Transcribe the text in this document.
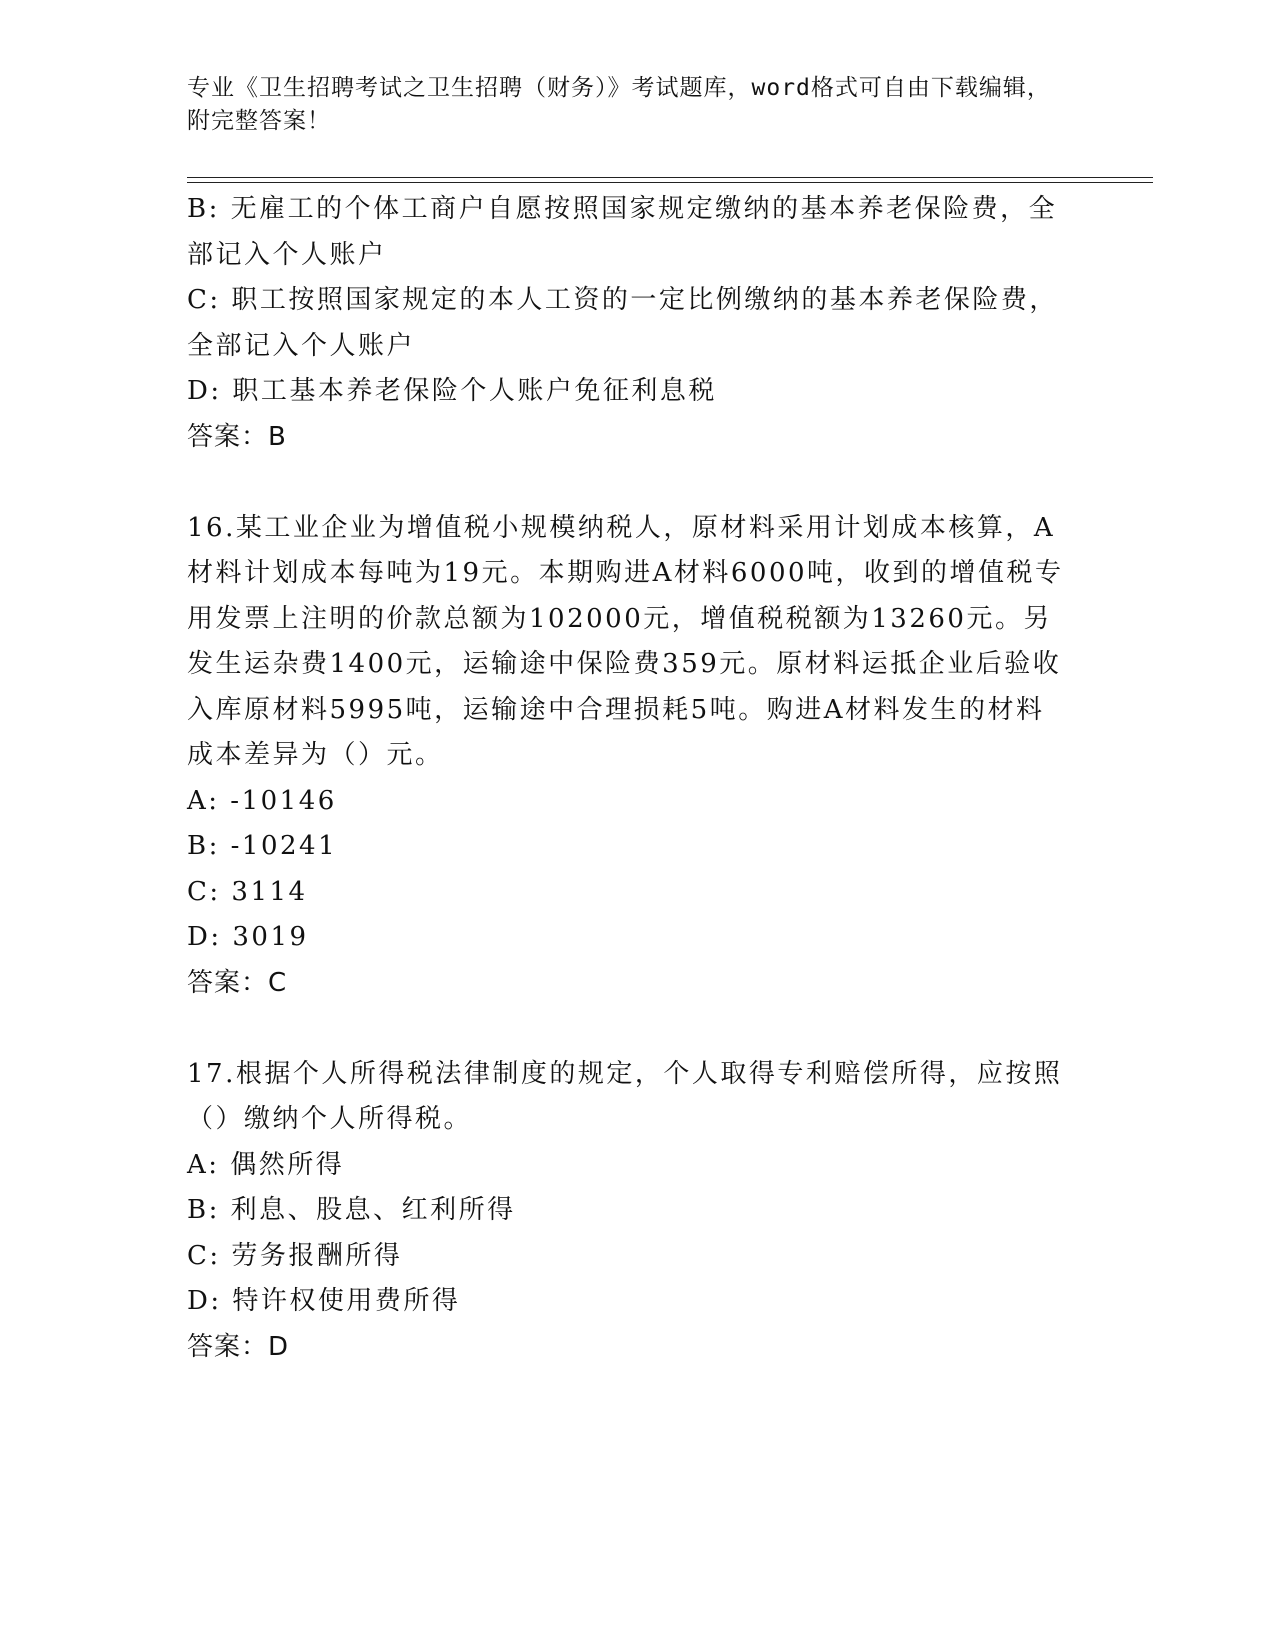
专业《卫生招聘考试之卫生招聘（财务）》考试题库，word格式可自由下载编辑，附完整答案！

B: 无雇工的个体工商户自愿按照国家规定缴纳的基本养老保险费，全部记入个人账户

C: 职工按照国家规定的本人工资的一定比例缴纳的基本养老保险费，全部记入个人账户

D: 职工基本养老保险个人账户免征利息税

答案：B

16.某工业企业为增值税小规模纳税人，原材料采用计划成本核算，A材料计划成本每吨为19元。本期购进A材料6000吨，收到的增值税专用发票上注明的价款总额为102000元，增值税税额为13260元。另发生运杂费1400元，运输途中保险费359元。原材料运抵企业后验收入库原材料5995吨，运输途中合理损耗5吨。购进A材料发生的材料成本差异为（）元。

A: -10146

B: -10241

C: 3114

D: 3019

答案：C

17.根据个人所得税法律制度的规定，个人取得专利赔偿所得，应按照（）缴纳个人所得税。

A: 偶然所得

B: 利息、股息、红利所得

C: 劳务报酬所得

D: 特许权使用费所得

答案：D
